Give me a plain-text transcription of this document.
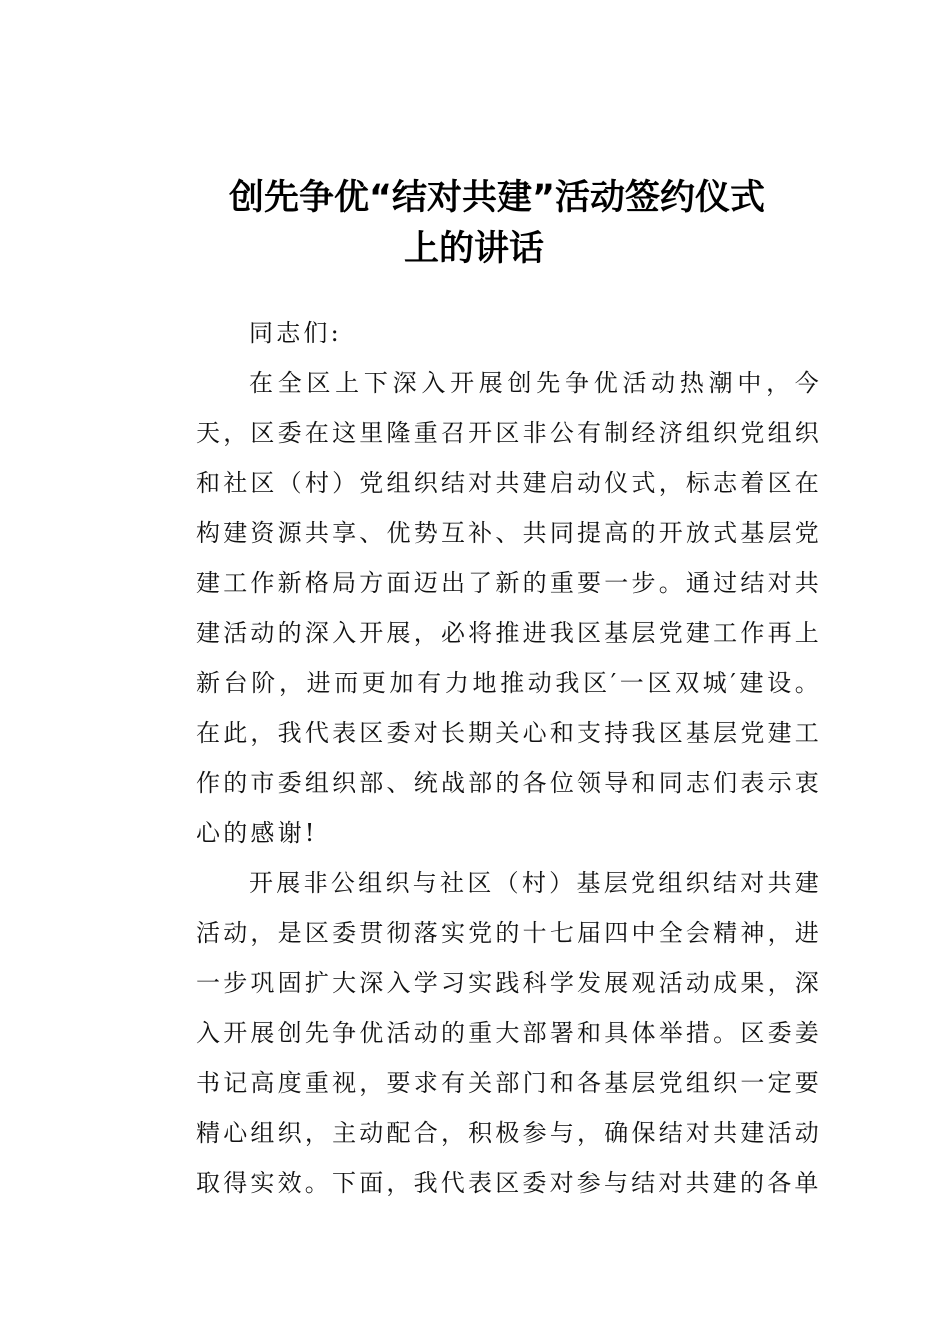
创先争优“结对共建”活动签约仪式
上的讲话

同志们:

在全区上下深入开展创先争优活动热潮中，今天，区委在这里隆重召开区非公有制经济组织党组织和社区（村）党组织结对共建启动仪式，标志着区在构建资源共享、优势互补、共同提高的开放式基层党建工作新格局方面迈出了新的重要一步。通过结对共建活动的深入开展，必将推进我区基层党建工作再上新台阶，进而更加有力地推动我区′一区双城′建设。在此，我代表区委对长期关心和支持我区基层党建工作的市委组织部、统战部的各位领导和同志们表示衷心的感谢!

开展非公组织与社区（村）基层党组织结对共建活动，是区委贯彻落实党的十七届四中全会精神，进一步巩固扩大深入学习实践科学发展观活动成果，深入开展创先争优活动的重大部署和具体举措。区委姜书记高度重视，要求有关部门和各基层党组织一定要精心组织，主动配合，积极参与，确保结对共建活动取得实效。下面，我代表区委对参与结对共建的各单
